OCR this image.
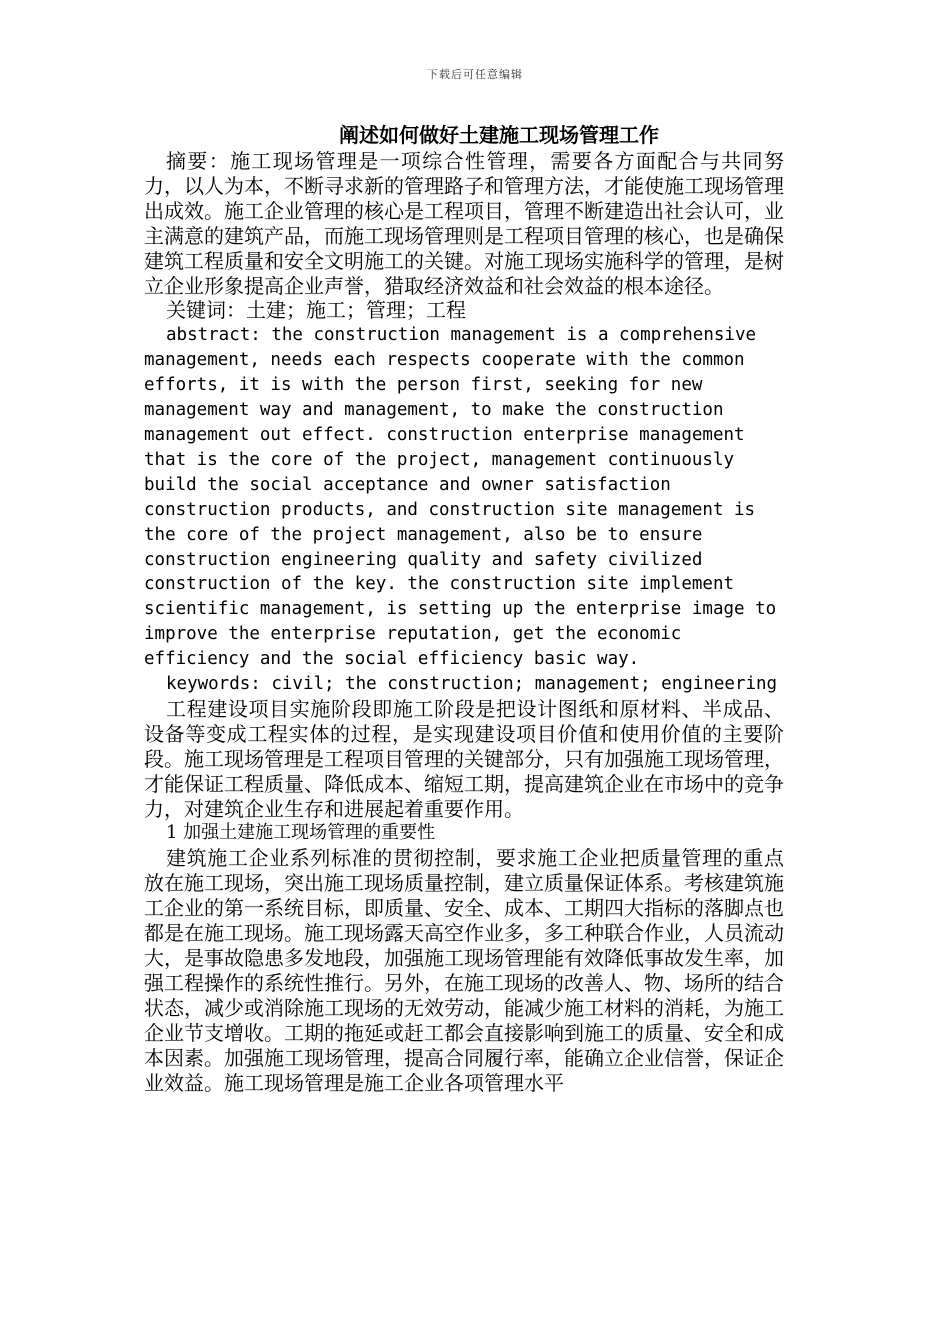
下载后可任意编辑
阐述如何做好土建施工现场管理工作

摘要：施工现场管理是一项综合性管理，需要各方面配合与共同努力，以人为本，不断寻求新的管理路子和管理方法，才能使施工现场管理出成效。施工企业管理的核心是工程项目，管理不断建造出社会认可，业主满意的建筑产品，而施工现场管理则是工程项目管理的核心，也是确保建筑工程质量和安全文明施工的关键。对施工现场实施科学的管理，是树立企业形象提高企业声誉，猎取经济效益和社会效益的根本途径。

关键词：土建；施工；管理；工程

abstract: the construction management is a comprehensive management, needs each respects cooperate with the common efforts, it is with the person first, seeking for new management way and management, to make the construction management out effect. construction enterprise management that is the core of the project, management continuously build the social acceptance and owner satisfaction construction products, and construction site management is the core of the project management, also be to ensure construction engineering quality and safety civilized construction of the key. the construction site implement scientific management, is setting up the enterprise image to improve the enterprise reputation, get the economic efficiency and the social efficiency basic way.

keywords: civil; the construction; management; engineering

工程建设项目实施阶段即施工阶段是把设计图纸和原材料、半成品、设备等变成工程实体的过程，是实现建设项目价值和使用价值的主要阶段。施工现场管理是工程项目管理的关键部分，只有加强施工现场管理，才能保证工程质量、降低成本、缩短工期，提高建筑企业在市场中的竞争力，对建筑企业生存和进展起着重要作用。

1 加强土建施工现场管理的重要性

建筑施工企业系列标准的贯彻控制，要求施工企业把质量管理的重点放在施工现场，突出施工现场质量控制，建立质量保证体系。考核建筑施工企业的第一系统目标，即质量、安全、成本、工期四大指标的落脚点也都是在施工现场。施工现场露天高空作业多，多工种联合作业，人员流动大，是事故隐患多发地段，加强施工现场管理能有效降低事故发生率，加强工程操作的系统性推行。另外，在施工现场的改善人、物、场所的结合状态，减少或消除施工现场的无效劳动，能减少施工材料的消耗，为施工企业节支增收。工期的拖延或赶工都会直接影响到施工的质量、安全和成本因素。加强施工现场管理，提高合同履行率，能确立企业信誉，保证企业效益。施工现场管理是施工企业各项管理水平
